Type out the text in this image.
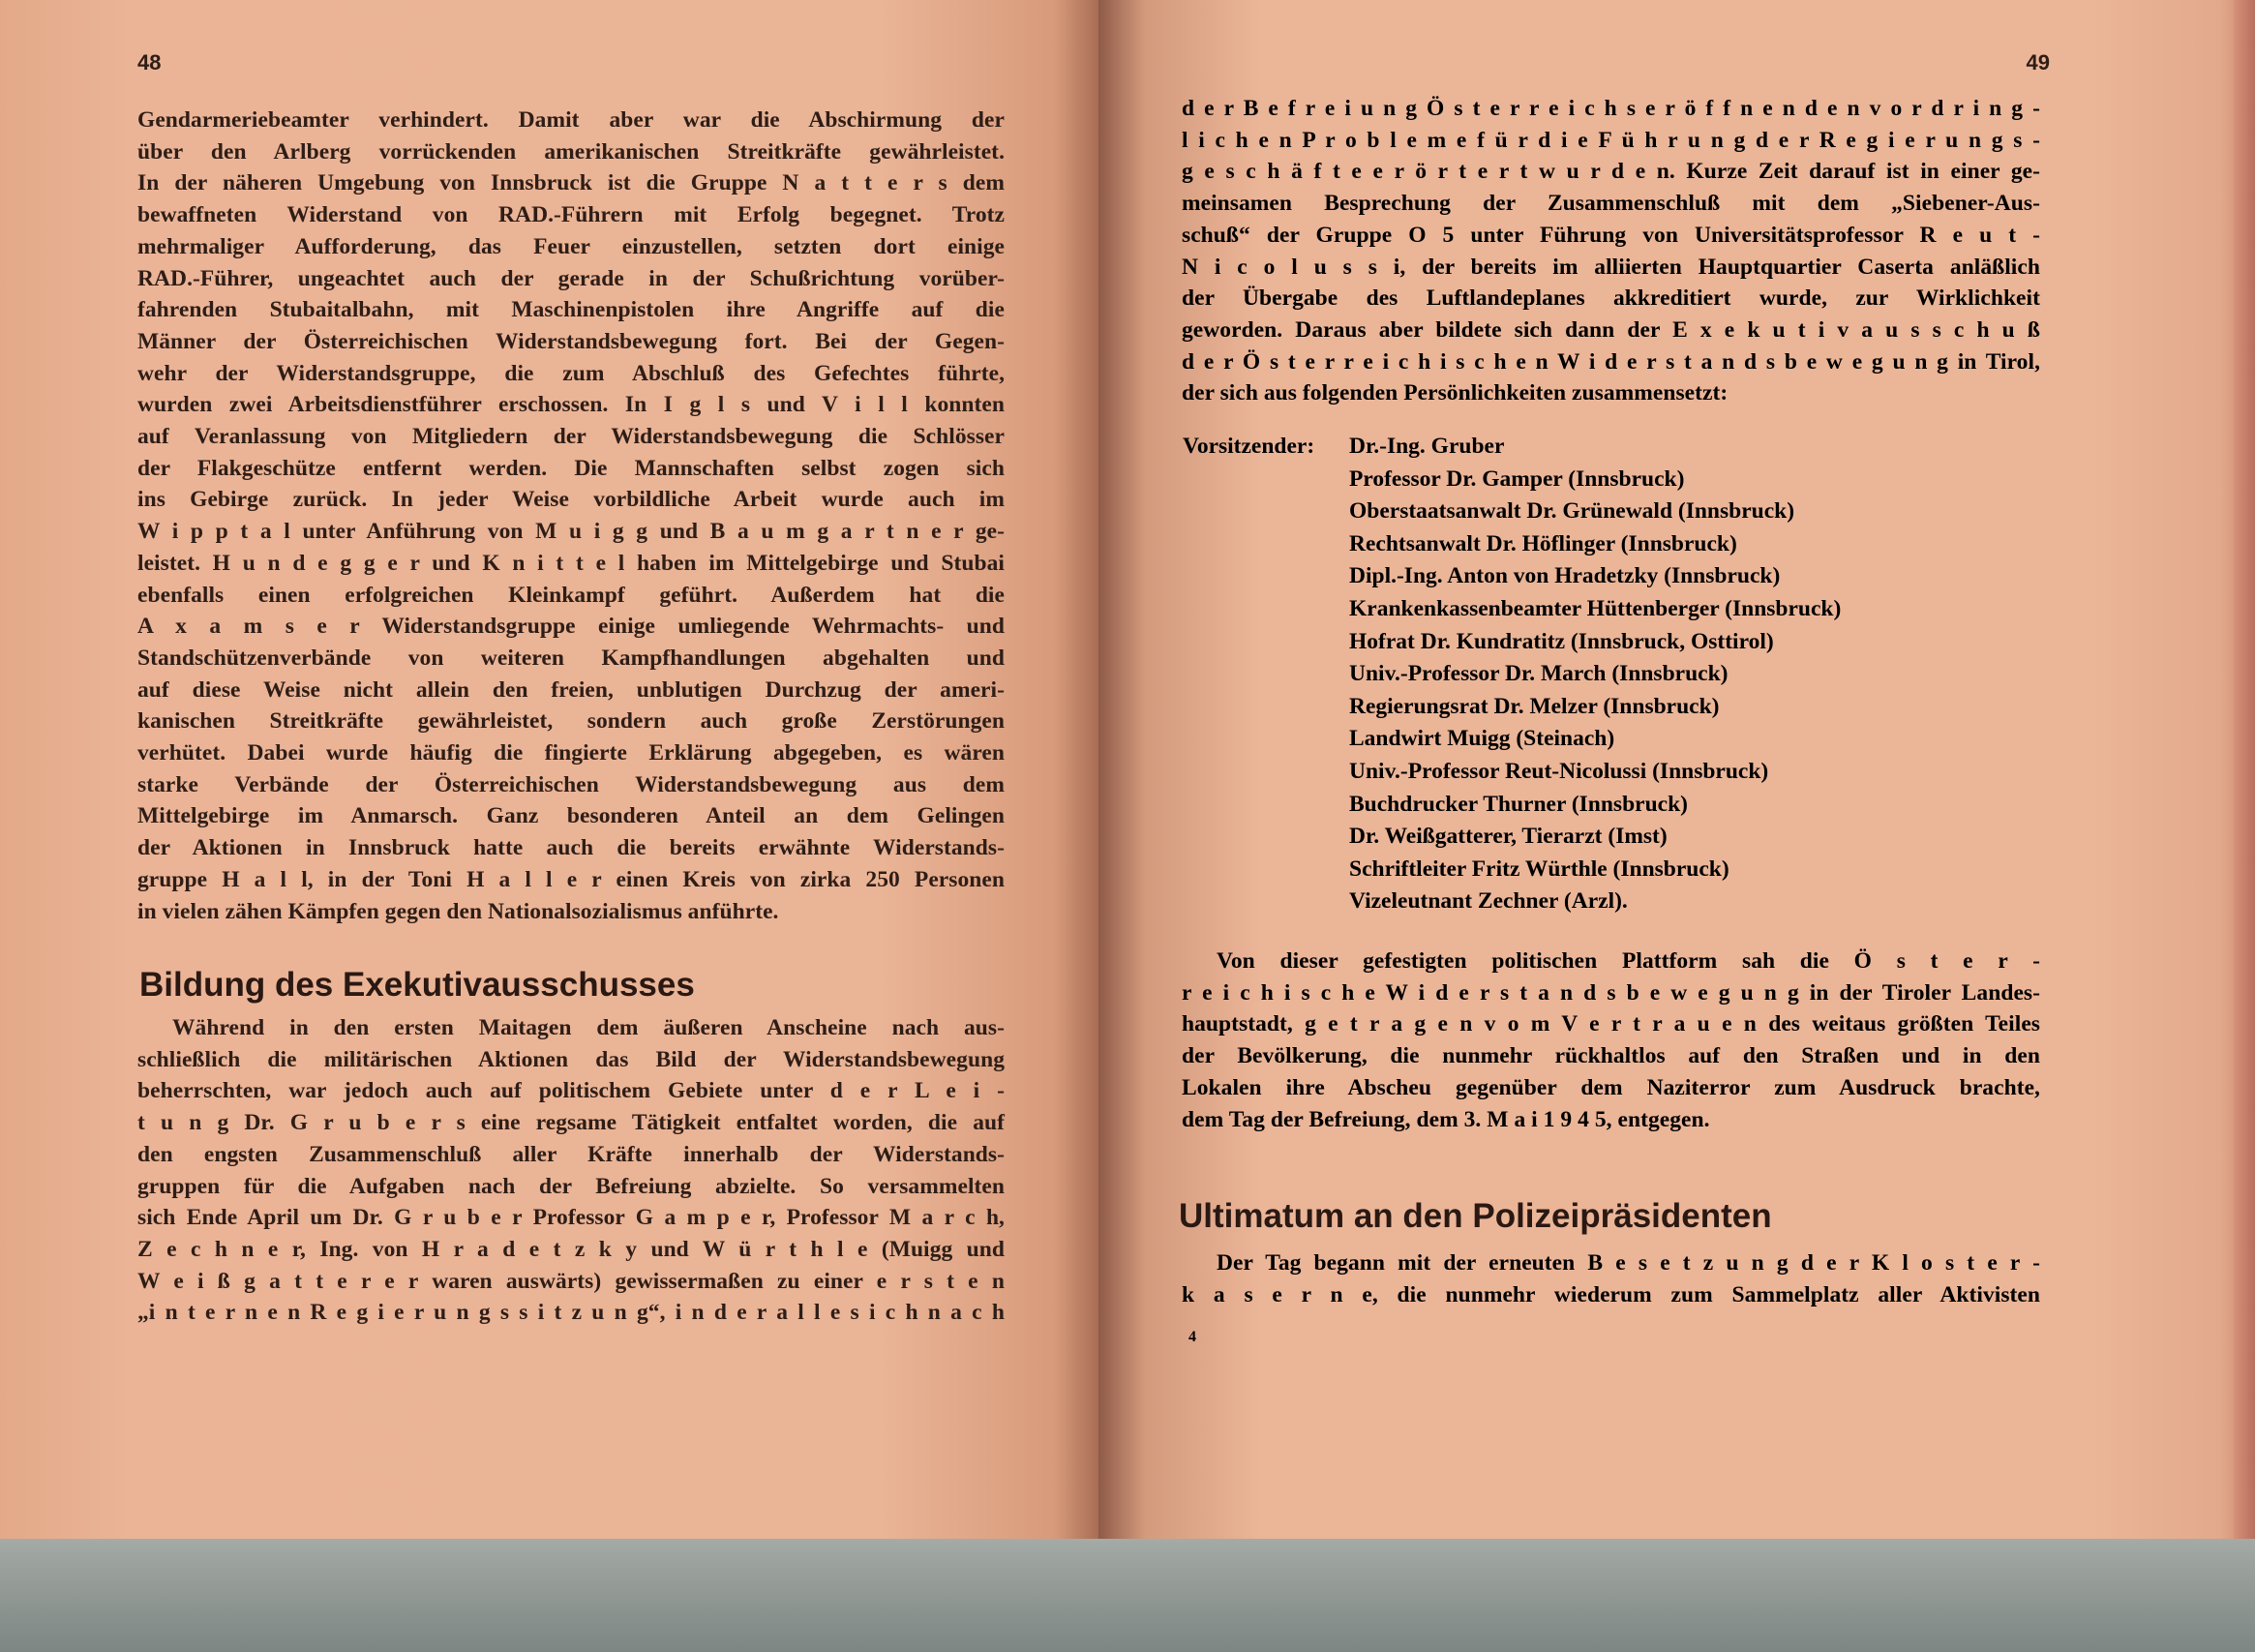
48
Gendarmeriebeamter verhindert. Damit aber war die Abschirmung der
über den Arlberg vorrückenden amerikanischen Streitkräfte gewährleistet.
In der näheren Umgebung von Innsbruck ist die Gruppe N a t t e r s dem
bewaffneten Widerstand von RAD.-Führern mit Erfolg begegnet. Trotz
mehrmaliger Aufforderung, das Feuer einzustellen, setzten dort einige
RAD.-Führer, ungeachtet auch der gerade in der Schußrichtung vorüber-
fahrenden Stubaitalbahn, mit Maschinenpistolen ihre Angriffe auf die
Männer der Österreichischen Widerstandsbewegung fort. Bei der Gegen-
wehr der Widerstandsgruppe, die zum Abschluß des Gefechtes führte,
wurden zwei Arbeitsdienstführer erschossen. In I g l s und V i l l konnten
auf Veranlassung von Mitgliedern der Widerstandsbewegung die Schlösser
der Flakgeschütze entfernt werden. Die Mannschaften selbst zogen sich
ins Gebirge zurück. In jeder Weise vorbildliche Arbeit wurde auch im
W i p p t a l unter Anführung von M u i g g und B a u m g a r t n e r ge-
leistet. H u n d e g g e r und K n i t t e l haben im Mittelgebirge und Stubai
ebenfalls einen erfolgreichen Kleinkampf geführt. Außerdem hat die
A x a m s e r Widerstandsgruppe einige umliegende Wehrmachts- und
Standschützenverbände von weiteren Kampfhandlungen abgehalten und
auf diese Weise nicht allein den freien, unblutigen Durchzug der ameri-
kanischen Streitkräfte gewährleistet, sondern auch große Zerstörungen
verhütet. Dabei wurde häufig die fingierte Erklärung abgegeben, es wären
starke Verbände der Österreichischen Widerstandsbewegung aus dem
Mittelgebirge im Anmarsch. Ganz besonderen Anteil an dem Gelingen
der Aktionen in Innsbruck hatte auch die bereits erwähnte Widerstands-
gruppe H a l l, in der Toni H a l l e r einen Kreis von zirka 250 Personen
in vielen zähen Kämpfen gegen den Nationalsozialismus anführte.
Bildung des Exekutivausschusses
Während in den ersten Maitagen dem äußeren Anscheine nach aus-
schließlich die militärischen Aktionen das Bild der Widerstandsbewegung
beherrschten, war jedoch auch auf politischem Gebiete unter d e r L e i -
t u n g Dr. G r u b e r s eine regsame Tätigkeit entfaltet worden, die auf
den engsten Zusammenschluß aller Kräfte innerhalb der Widerstands-
gruppen für die Aufgaben nach der Befreiung abzielte. So versammelten
sich Ende April um Dr. G r u b e r Professor G a m p e r, Professor M a r c h,
Z e c h n e r, Ing. von H r a d e t z k y und W ü r t h l e (Muigg und
W e i ß g a t t e r e r waren auswärts) gewissermaßen zu einer e r s t e n
„i n t e r n e n R e g i e r u n g s s i t z u n g“, i n d e r a l l e s i c h n a c h
49
d e r B e f r e i u n g Ö s t e r r e i c h s e r ö f f n e n d e n v o r d r i n g -
l i c h e n P r o b l e m e f ü r d i e F ü h r u n g d e r R e g i e r u n g s -
g e s c h ä f t e e r ö r t e r t w u r d e n. Kurze Zeit darauf ist in einer ge-
meinsamen Besprechung der Zusammenschluß mit dem „Siebener-Aus-
schuß“ der Gruppe O 5 unter Führung von Universitätsprofessor R e u t -
N i c o l u s s i, der bereits im alliierten Hauptquartier Caserta anläßlich
der Übergabe des Luftlandeplanes akkreditiert wurde, zur Wirklichkeit
geworden. Daraus aber bildete sich dann der E x e k u t i v a u s s c h u ß
d e r Ö s t e r r e i c h i s c h e n W i d e r s t a n d s b e w e g u n g in Tirol,
der sich aus folgenden Persönlichkeiten zusammensetzt:
Vorsitzender: Dr.-Ing. Gruber
Professor Dr. Gamper (Innsbruck)
Oberstaatsanwalt Dr. Grünewald (Innsbruck)
Rechtsanwalt Dr. Höflinger (Innsbruck)
Dipl.-Ing. Anton von Hradetzky (Innsbruck)
Krankenkassenbeamter Hüttenberger (Innsbruck)
Hofrat Dr. Kundratitz (Innsbruck, Osttirol)
Univ.-Professor Dr. March (Innsbruck)
Regierungsrat Dr. Melzer (Innsbruck)
Landwirt Muigg (Steinach)
Univ.-Professor Reut-Nicolussi (Innsbruck)
Buchdrucker Thurner (Innsbruck)
Dr. Weißgatterer, Tierarzt (Imst)
Schriftleiter Fritz Würthle (Innsbruck)
Vizeleutnant Zechner (Arzl).
Von dieser gefestigten politischen Plattform sah die Ö s t e r -
r e i c h i s c h e W i d e r s t a n d s b e w e g u n g in der Tiroler Landes-
hauptstadt, g e t r a g e n v o m V e r t r a u e n des weitaus größten Teiles
der Bevölkerung, die nunmehr rückhaltlos auf den Straßen und in den
Lokalen ihre Abscheu gegenüber dem Naziterror zum Ausdruck brachte,
dem Tag der Befreiung, dem 3. M a i 1 9 4 5, entgegen.
Ultimatum an den Polizeipräsidenten
Der Tag begann mit der erneuten B e s e t z u n g d e r K l o s t e r -
k a s e r n e, die nunmehr wiederum zum Sammelplatz aller Aktivisten
4
